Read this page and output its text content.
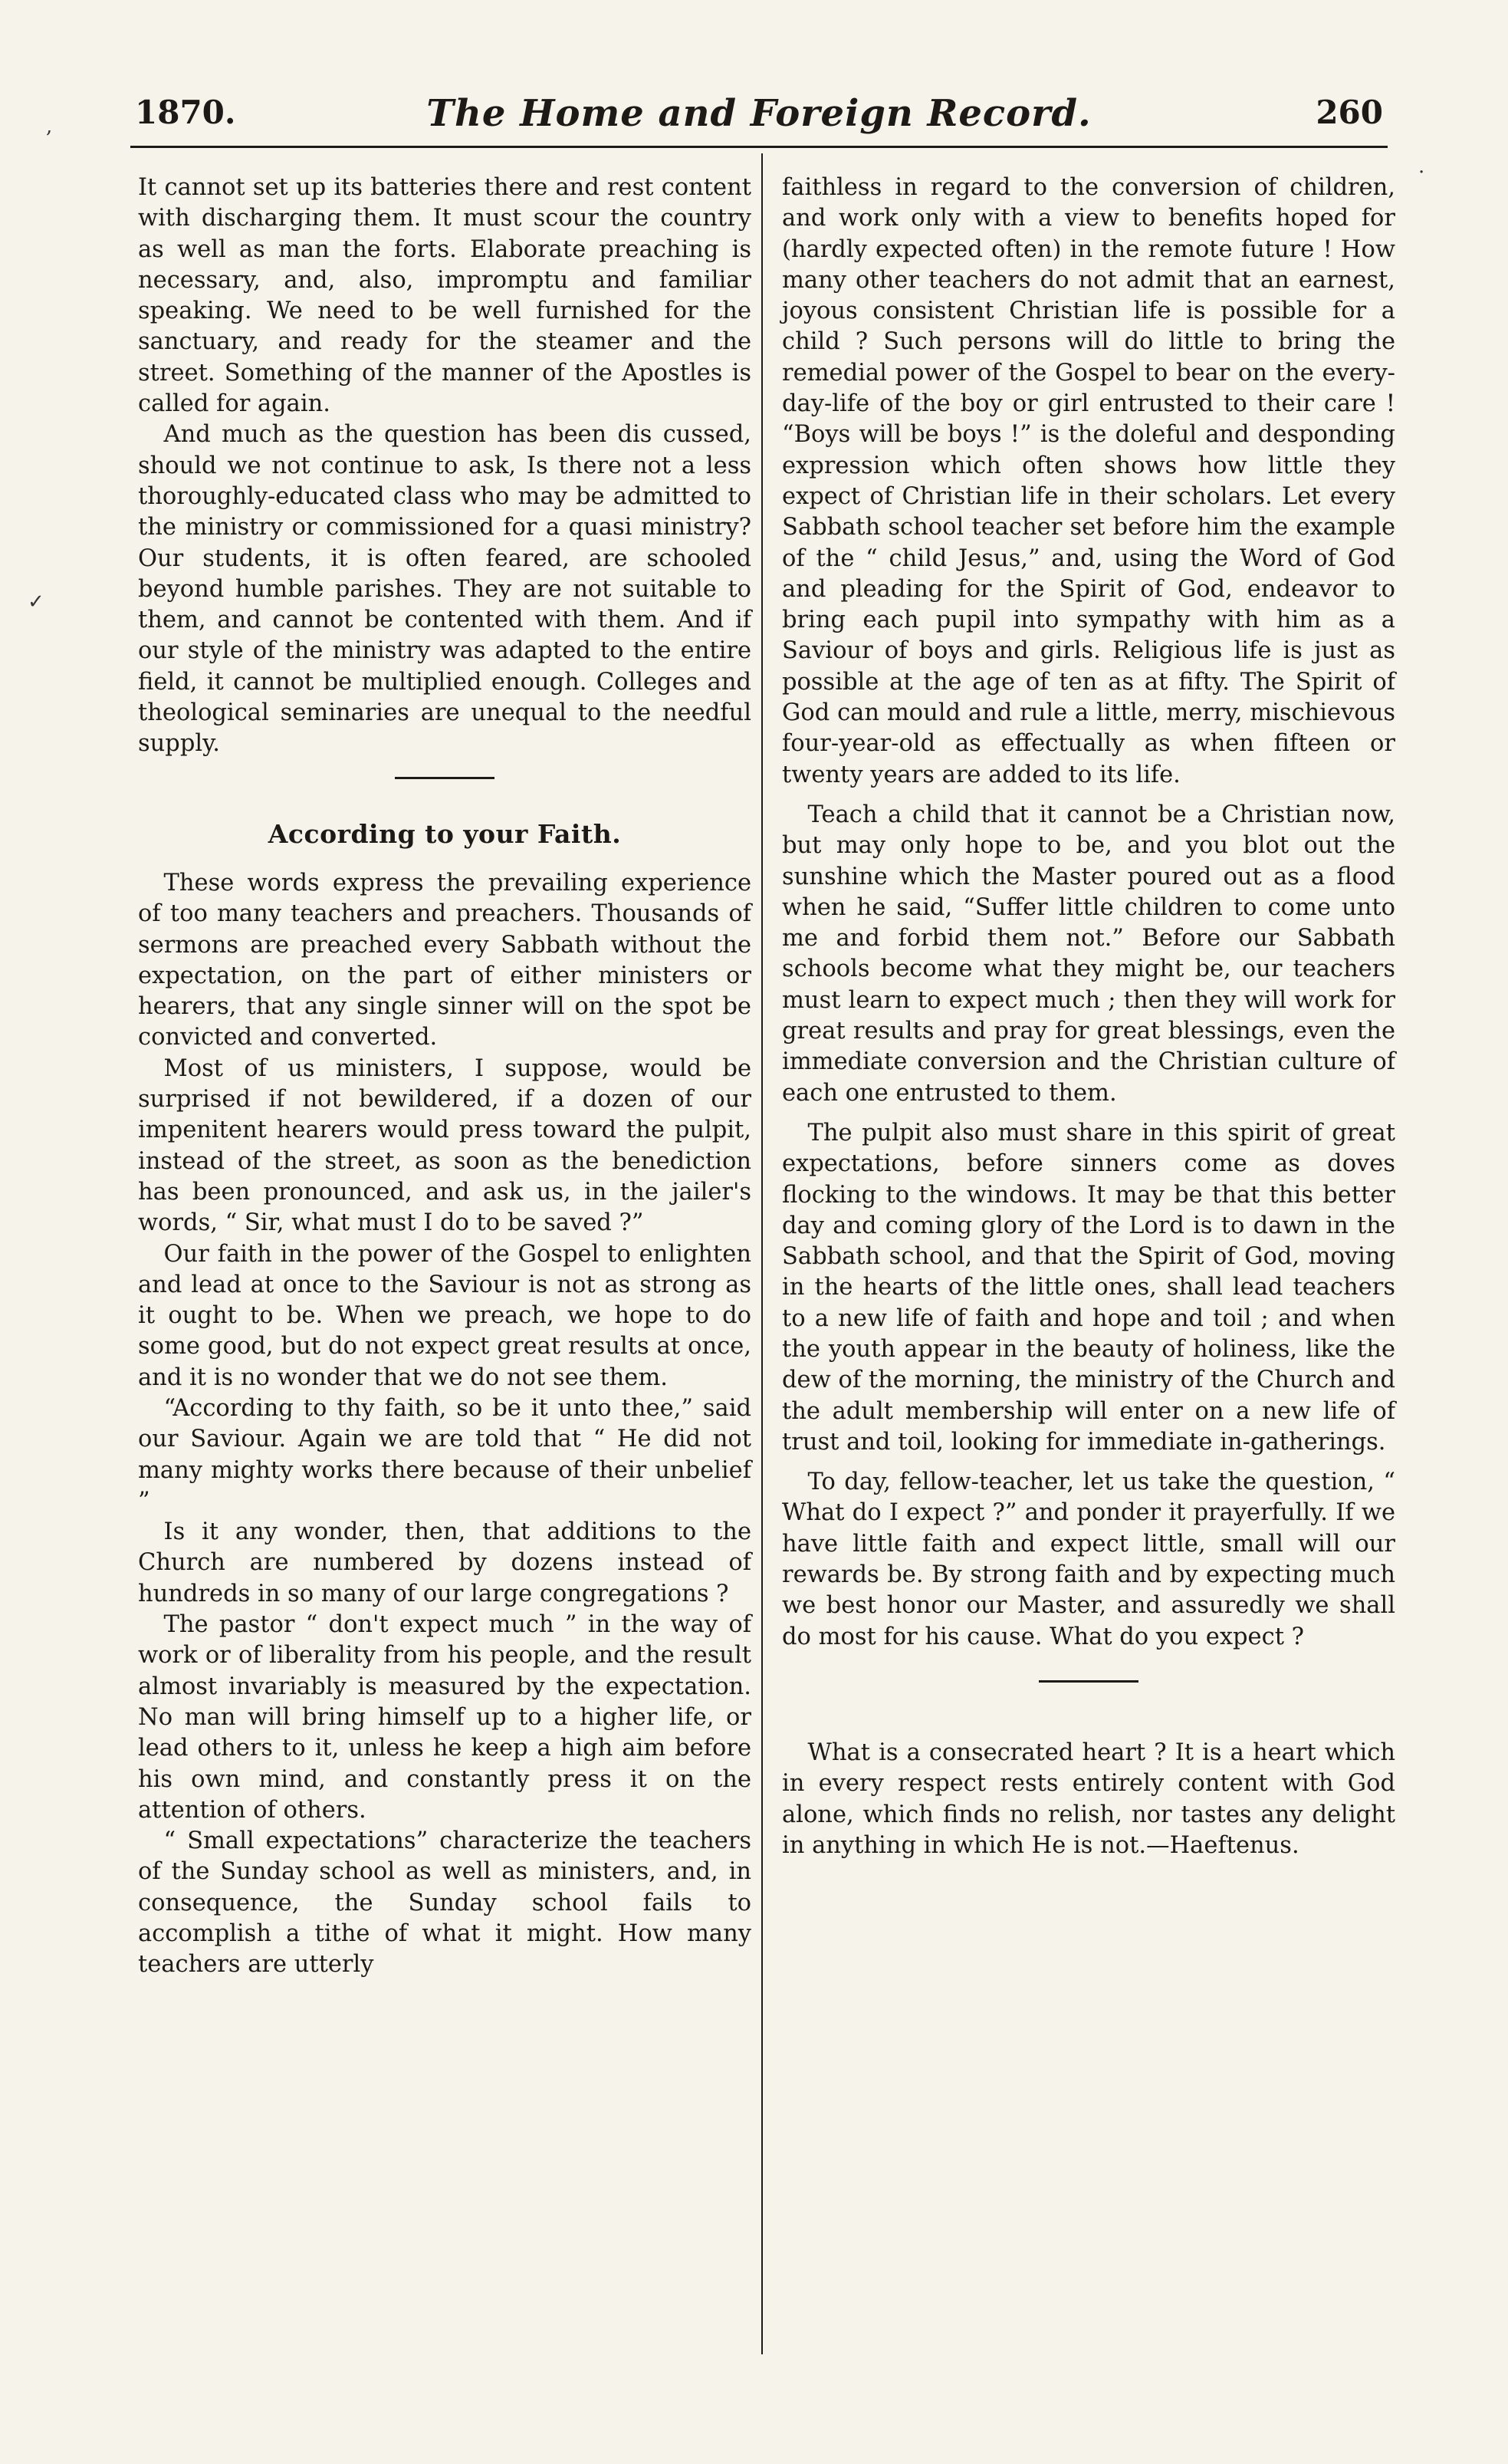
,
✓
·
1870.	The Home and Foreign Record.	260

It cannot set up its batteries there and rest content with discharging them. It must scour the country as well as man the forts. Elaborate preaching is necessary, and, also, impromptu and familiar speaking. We need to be well furnished for the sanctuary, and ready for the steamer and the street. Something of the manner of the Apostles is called for again.

And much as the question has been dis cussed, should we not continue to ask, Is there not a less thoroughly-educated class who may be admitted to the ministry or commissioned for a quasi ministry? Our students, it is often feared, are schooled beyond humble parishes. They are not suitable to them, and cannot be contented with them. And if our style of the ministry was adapted to the entire field, it cannot be multiplied enough. Colleges and theological seminaries are unequal to the needful supply.

According to your Faith.

These words express the prevailing experience of too many teachers and preachers. Thousands of sermons are preached every Sabbath without the expectation, on the part of either ministers or hearers, that any single sinner will on the spot be convicted and converted.

Most of us ministers, I suppose, would be surprised if not bewildered, if a dozen of our impenitent hearers would press toward the pulpit, instead of the street, as soon as the benediction has been pronounced, and ask us, in the jailer's words, “ Sir, what must I do to be saved ?”

Our faith in the power of the Gospel to enlighten and lead at once to the Saviour is not as strong as it ought to be. When we preach, we hope to do some good, but do not expect great results at once, and it is no wonder that we do not see them.

“According to thy faith, so be it unto thee,” said our Saviour. Again we are told that “ He did not many mighty works there because of their unbelief ”

Is it any wonder, then, that additions to the Church are numbered by dozens instead of hundreds in so many of our large congregations ?

The pastor “ don't expect much ” in the way of work or of liberality from his people, and the result almost invariably is measured by the expectation. No man will bring himself up to a higher life, or lead others to it, unless he keep a high aim before his own mind, and constantly press it on the attention of others.

“ Small expectations” characterize the teachers of the Sunday school as well as ministers, and, in consequence, the Sunday school fails to accomplish a tithe of what it might. How many teachers are utterly

faithless in regard to the conversion of children, and work only with a view to benefits hoped for (hardly expected often) in the remote future ! How many other teachers do not admit that an earnest, joyous consistent Christian life is possible for a child ? Such persons will do little to bring the remedial power of the Gospel to bear on the every-day-life of the boy or girl entrusted to their care ! “Boys will be boys !” is the doleful and desponding expression which often shows how little they expect of Christian life in their scholars. Let every Sabbath school teacher set before him the example of the “ child Jesus,” and, using the Word of God and pleading for the Spirit of God, endeavor to bring each pupil into sympathy with him as a Saviour of boys and girls. Religious life is just as possible at the age of ten as at fifty. The Spirit of God can mould and rule a little, merry, mischievous four-year-old as effectually as when fifteen or twenty years are added to its life.

Teach a child that it cannot be a Christian now, but may only hope to be, and you blot out the sunshine which the Master poured out as a flood when he said, “Suffer little children to come unto me and forbid them not.” Before our Sabbath schools become what they might be, our teachers must learn to expect much ; then they will work for great results and pray for great blessings, even the immediate conversion and the Christian culture of each one entrusted to them.

The pulpit also must share in this spirit of great expectations, before sinners come as doves flocking to the windows. It may be that this better day and coming glory of the Lord is to dawn in the Sabbath school, and that the Spirit of God, moving in the hearts of the little ones, shall lead teachers to a new life of faith and hope and toil ; and when the youth appear in the beauty of holiness, like the dew of the morning, the ministry of the Church and the adult membership will enter on a new life of trust and toil, looking for immediate in-gatherings.

To day, fellow-teacher, let us take the question, “ What do I expect ?” and ponder it prayerfully. If we have little faith and expect little, small will our rewards be. By strong faith and by expecting much we best honor our Master, and assuredly we shall do most for his cause. What do you expect ?

What is a consecrated heart ? It is a heart which in every respect rests entirely content with God alone, which finds no relish, nor tastes any delight in anything in which He is not.—Haeftenus.
